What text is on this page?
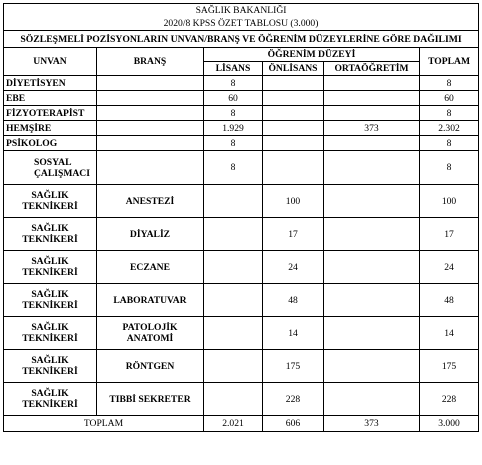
SAĞLIK BAKANLIĞI					
2020/8 KPSS ÖZET TABLOSU (3.000)					
SÖZLEŞMELİ POZİSYONLARIN UNVAN/BRANŞ VE ÖĞRENİM DÜZEYLERİNE GÖRE DAĞILIMI					
UNVAN	BRANŞ	ÖĞRENİM DÜZEYİ			TOPLAM
		LİSANS	ÖNLİSANS	ORTAÖĞRETİM	
DİYETİSYEN		8			8
EBE		60			60
FİZYOTERAPİST		8			8
HEMŞİRE		1.929		373	2.302
PSİKOLOG		8			8
SOSYAL ÇALIŞMACI		8			8
SAĞLIK TEKNİKERİ	ANESTEZİ		100		100
SAĞLIK TEKNİKERİ	DİYALİZ		17		17
SAĞLIK TEKNİKERİ	ECZANE		24		24
SAĞLIK TEKNİKERİ	LABORATUVAR		48		48
SAĞLIK TEKNİKERİ	PATOLOJİK ANATOMİ		14		14
SAĞLIK TEKNİKERİ	RÖNTGEN		175		175
SAĞLIK TEKNİKERİ	TIBBİ SEKRETER		228		228
TOPLAM		2.021	606	373	3.000
